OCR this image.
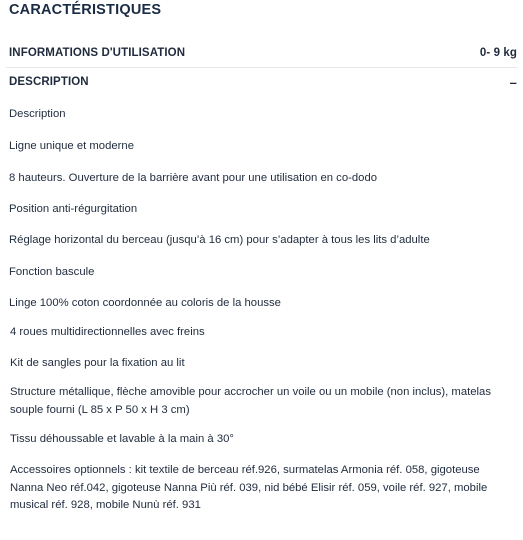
CARACTÉRISTIQUES
INFORMATIONS D'UTILISATION	0- 9 kg
DESCRIPTION	–
Description
Ligne unique et moderne
8 hauteurs. Ouverture de la barrière avant pour une utilisation en co-dodo
Position anti-régurgitation
Réglage horizontal du berceau (jusqu’à 16 cm) pour s’adapter à tous les lits d’adulte
Fonction bascule
Linge 100% coton coordonnée au coloris de la housse
4 roues multidirectionnelles avec freins
Kit de sangles pour la fixation au lit
Structure métallique, flèche amovible pour accrocher un voile ou un mobile (non inclus), matelas souple fourni (L 85 x P 50 x H 3 cm)
Tissu déhoussable et lavable à la main à 30°
Accessoires optionnels : kit textile de berceau réf.926, surmatelas Armonia réf. 058, gigoteuse Nanna Neo réf.042, gigoteuse Nanna Più réf. 039, nid bébé Elisir réf. 059, voile réf. 927, mobile musical réf. 928, mobile Nunù réf. 931
